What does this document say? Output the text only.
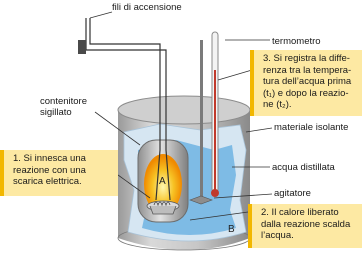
A
B
fili di accensione
termometro
contenitore
sigillato
materiale isolante
acqua distillata
agitatore
1. Si innesca una
reazione con una
scarica elettrica.
2. Il calore liberato
dalla reazione scalda
l’acqua.
3. Si registra la diffe-
renza tra la tempera-
tura dell’acqua prima
(t₁) e dopo la reazio-
ne (t₂).
